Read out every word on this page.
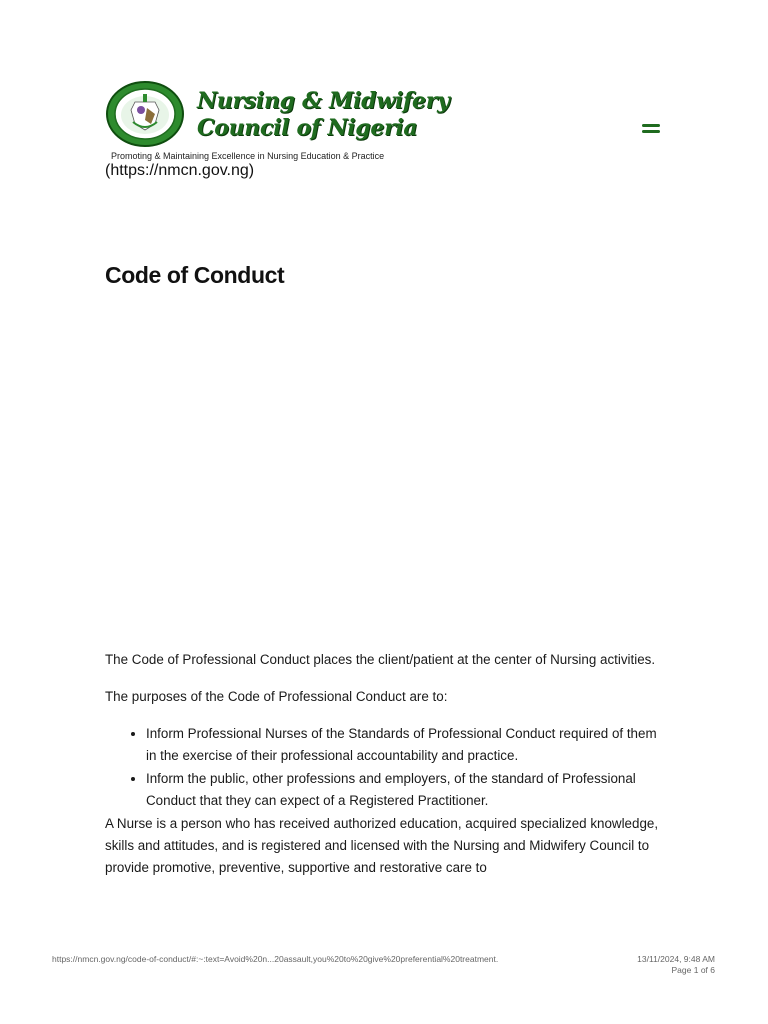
Nursing & Midwifery
Council of Nigeria
Promoting & Maintaining Excellence in Nursing Education & Practice
(https://nmcn.gov.ng)
Code of Conduct

The Code of Professional Conduct places the client/patient at the center of Nursing activities.

The purposes of the Code of Professional Conduct are to:

• Inform Professional Nurses of the Standards of Professional Conduct required of them in the exercise of their professional accountability and practice.
• Inform the public, other professions and employers, of the standard of Professional Conduct that they can expect of a Registered Practitioner.

A Nurse is a person who has received authorized education, acquired specialized knowledge, skills and attitudes, and is registered and licensed with the Nursing and Midwifery Council to provide promotive, preventive, supportive and restorative care to

https://nmcn.gov.ng/code-of-conduct/#:~:text=Avoid%20n...20assault,you%20to%20give%20preferential%20treatment.	13/11/2024, 9:48 AM
Page 1 of 6
